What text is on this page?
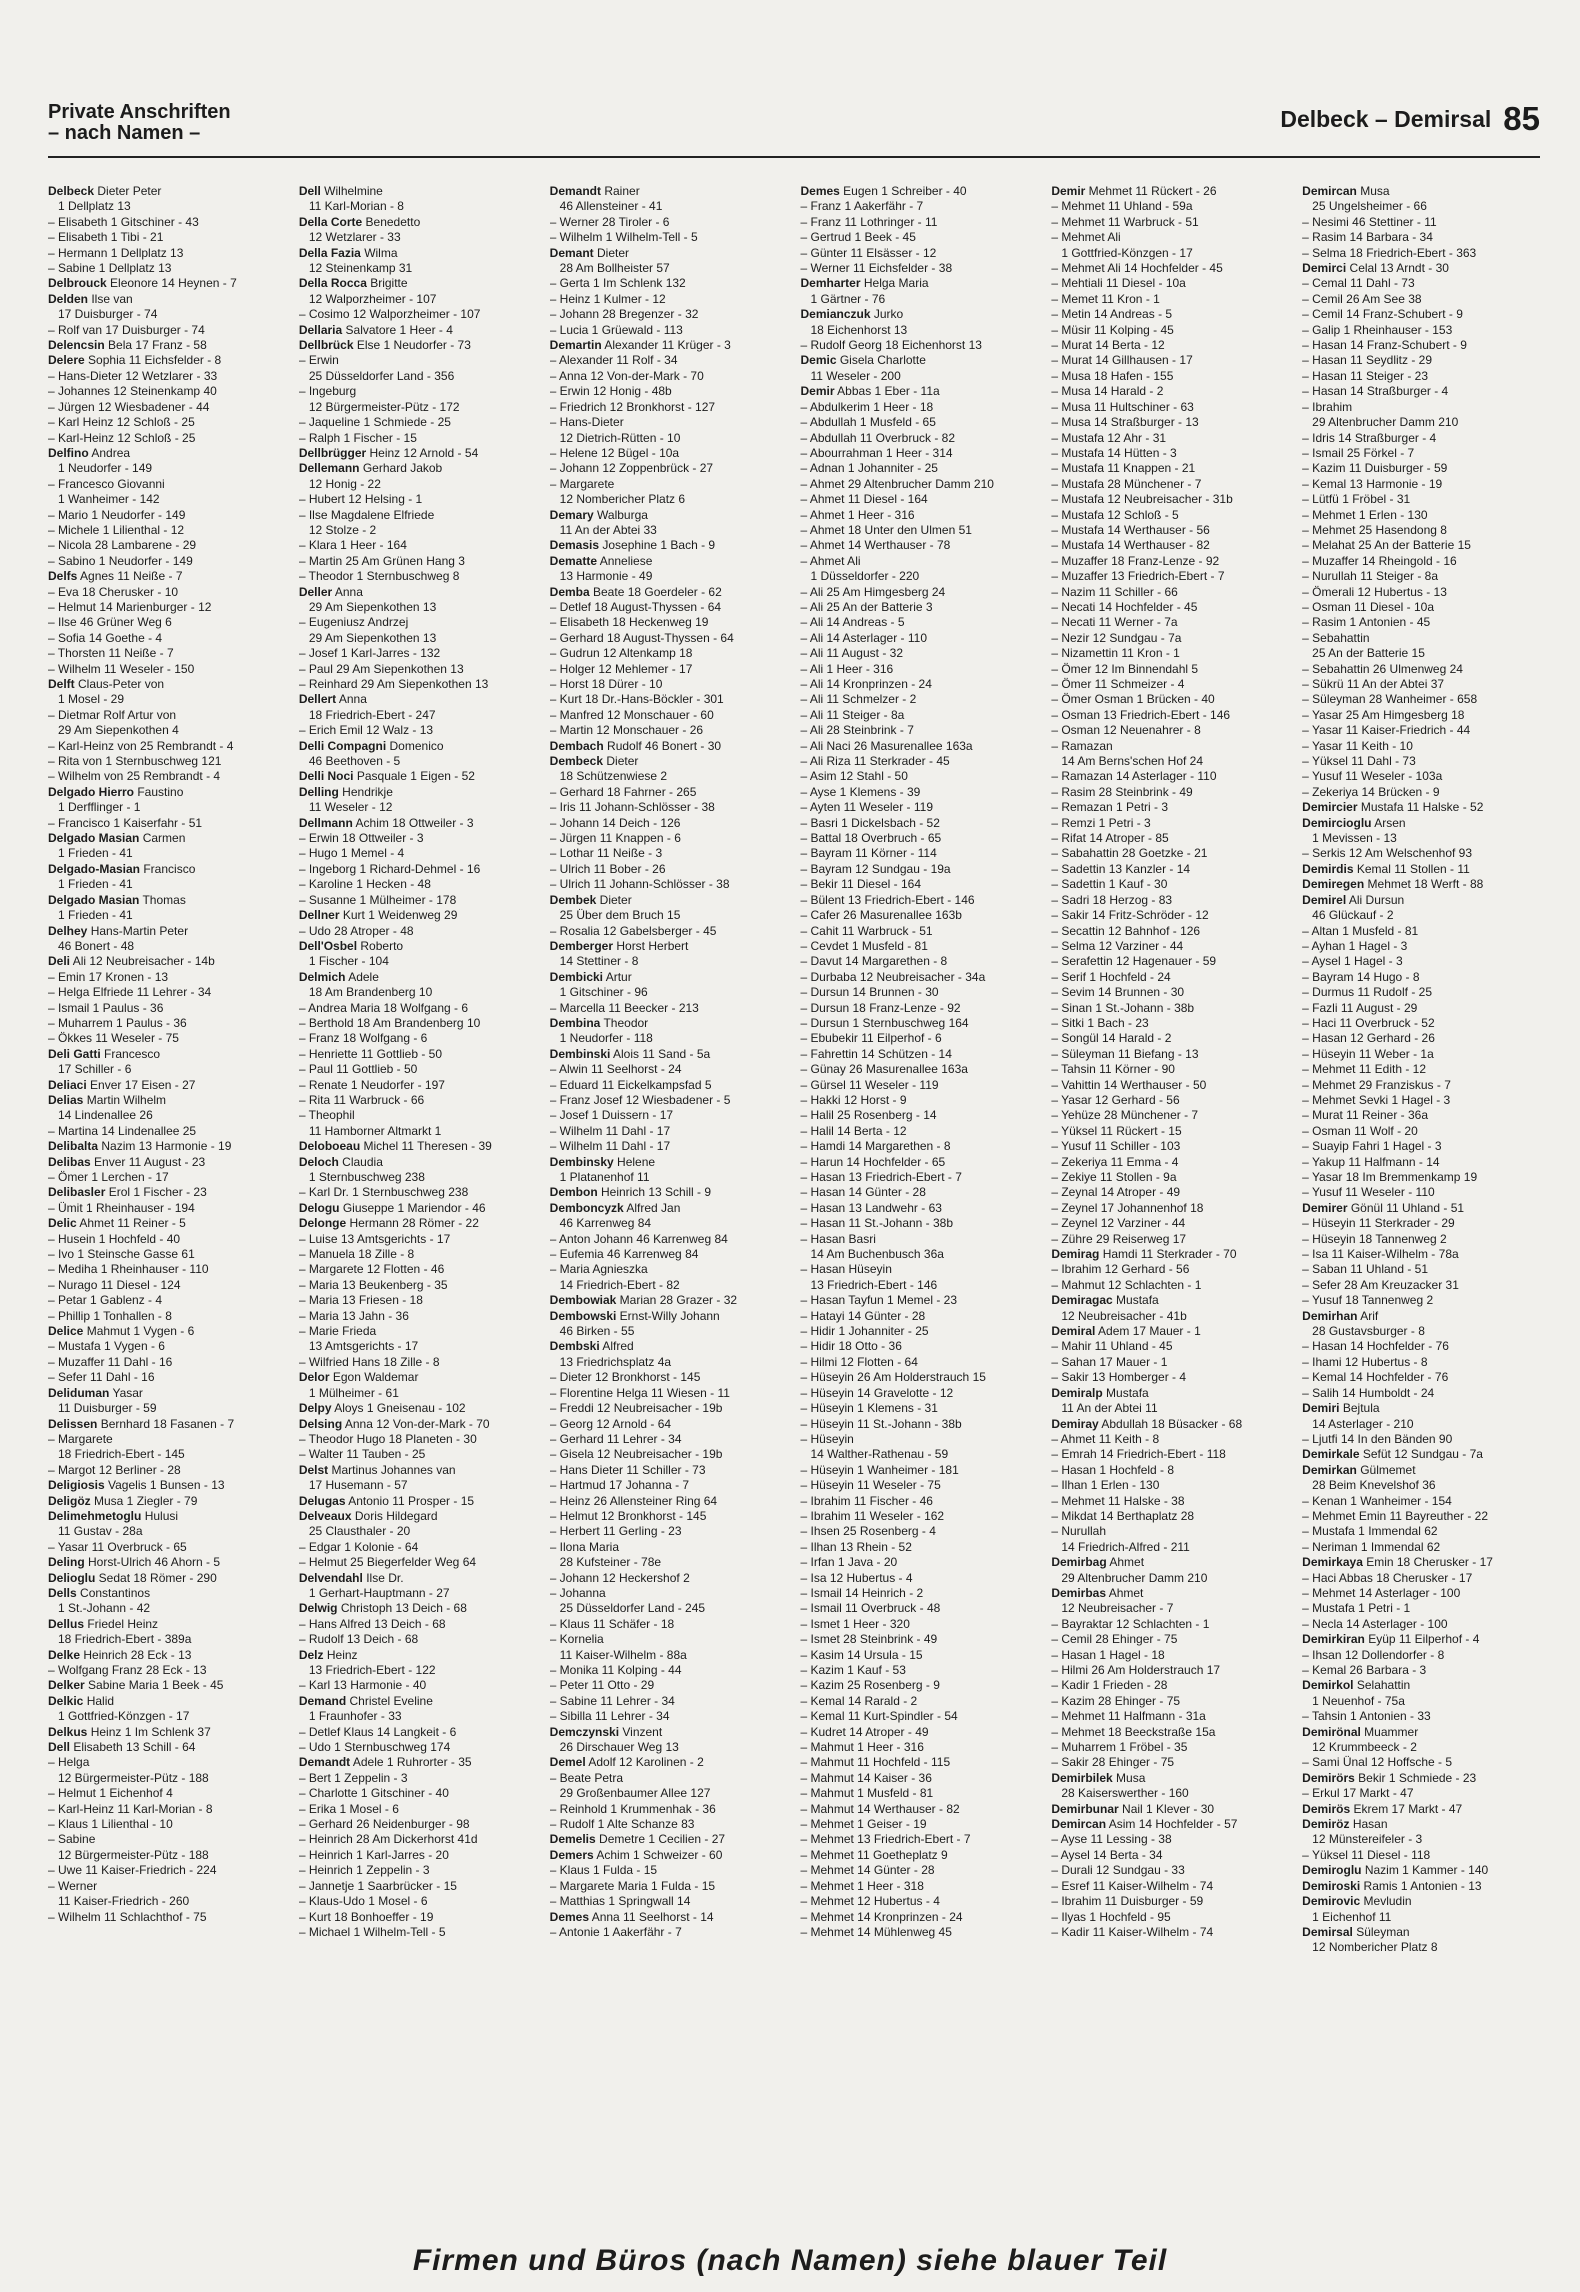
Private Anschriften
– nach Namen –
Delbeck – Demirsal 85
Delbeck Dieter Peter
1 Dellplatz 13
– Elisabeth 1 Gitschiner - 43
– Elisabeth 1 Tibi - 21
– Hermann 1 Dellplatz 13
– Sabine 1 Dellplatz 13
Delbrouck Eleonore 14 Heynen - 7
Delden Ilse van
17 Duisburger - 74
– Rolf van 17 Duisburger - 74
Delencsin Bela 17 Franz - 58
Delere Sophia 11 Eichsfelder - 8
– Hans-Dieter 12 Wetzlarer - 33
– Johannes 12 Steinenkamp 40
– Jürgen 12 Wiesbadener - 44
– Karl Heinz 12 Schloß - 25
– Karl-Heinz 12 Schloß - 25
Delfino Andrea
1 Neudorfer - 149
– Francesco Giovanni
1 Wanheimer - 142
– Mario 1 Neudorfer - 149
– Michele 1 Lilienthal - 12
– Nicola 28 Lambarene - 29
– Sabino 1 Neudorfer - 149
Delfs Agnes 11 Neiße - 7
– Eva 18 Cherusker - 10
– Helmut 14 Marienburger - 12
– Ilse 46 Grüner Weg 6
– Sofia 14 Goethe - 4
– Thorsten 11 Neiße - 7
– Wilhelm 11 Weseler - 150
Delft Claus-Peter von
1 Mosel - 29
– Dietmar Rolf Artur von
29 Am Siepenkothen 4
– Karl-Heinz von 25 Rembrandt - 4
– Rita von 1 Sternbuschweg 121
– Wilhelm von 25 Rembrandt - 4
Delgado Hierro Faustino
1 Derfflinger - 1
– Francisco 1 Kaiserfahr - 51
Delgado Masian Carmen
1 Frieden - 41
Delgado-Masian Francisco
1 Frieden - 41
Delgado Masian Thomas
1 Frieden - 41
Delhey Hans-Martin Peter
46 Bonert - 48
Deli Ali 12 Neubreisacher - 14b
– Emin 17 Kronen - 13
– Helga Elfriede 11 Lehrer - 34
– Ismail 1 Paulus - 36
– Muharrem 1 Paulus - 36
– Ökkes 11 Weseler - 75
Deli Gatti Francesco
17 Schiller - 6
Deliaci Enver 17 Eisen - 27
Delias Martin Wilhelm
14 Lindenallee 26
– Martina 14 Lindenallee 25
Delibalta Nazim 13 Harmonie - 19
Delibas Enver 11 August - 23
– Ömer 1 Lerchen - 17
Delibasler Erol 1 Fischer - 23
– Ümit 1 Rheinhauser - 194
Delic Ahmet 11 Reiner - 5
– Husein 1 Hochfeld - 40
– Ivo 1 Steinsche Gasse 61
– Mediha 1 Rheinhauser - 110
– Nurago 11 Diesel - 124
– Petar 1 Gablenz - 4
– Phillip 1 Tonhallen - 8
Delice Mahmut 1 Vygen - 6
– Mustafa 1 Vygen - 6
– Muzaffer 11 Dahl - 16
– Sefer 11 Dahl - 16
Deliduman Yasar
11 Duisburger - 59
Delissen Bernhard 18 Fasanen - 7
– Margarete
18 Friedrich-Ebert - 145
– Margot 12 Berliner - 28
Deligiosis Vagelis 1 Bunsen - 13
Deligöz Musa 1 Ziegler - 79
Delimehmetoglu Hulusi
11 Gustav - 28a
– Yasar 11 Overbruck - 65
Deling Horst-Ulrich 46 Ahorn - 5
Delioglu Sedat 18 Römer - 290
Dells Constantinos
1 St.-Johann - 42
Dellus Friedel Heinz
18 Friedrich-Ebert - 389a
Delke Heinrich 28 Eck - 13
– Wolfgang Franz 28 Eck - 13
Delker Sabine Maria 1 Beek - 45
Delkic Halid
1 Gottfried-Könzgen - 17
Delkus Heinz 1 Im Schlenk 37
Dell Elisabeth 13 Schill - 64
– Helga
12 Bürgermeister-Pütz - 188
– Helmut 1 Eichenhof 4
– Karl-Heinz 11 Karl-Morian - 8
– Klaus 1 Lilienthal - 10
– Sabine
12 Bürgermeister-Pütz - 188
– Uwe 11 Kaiser-Friedrich - 224
– Werner
11 Kaiser-Friedrich - 260
– Wilhelm 11 Schlachthof - 75
Dell Wilhelmine
11 Karl-Morian - 8
Della Corte Benedetto
12 Wetzlarer - 33
Della Fazia Wilma
12 Steinenkamp 31
Della Rocca Brigitte
12 Walporzheimer - 107
– Cosimo 12 Walporzheimer - 107
Dellaria Salvatore 1 Heer - 4
Dellbrück Else 1 Neudorfer - 73
– Erwin
25 Düsseldorfer Land - 356
– Ingeburg
12 Bürgermeister-Pütz - 172
– Jaqueline 1 Schmiede - 25
– Ralph 1 Fischer - 15
Dellbrügger Heinz 12 Arnold - 54
Dellemann Gerhard Jakob
12 Honig - 22
– Hubert 12 Helsing - 1
– Ilse Magdalene Elfriede
12 Stolze - 2
– Klara 1 Heer - 164
– Martin 25 Am Grünen Hang 3
– Theodor 1 Sternbuschweg 8
Deller Anna
29 Am Siepenkothen 13
– Eugeniusz Andrzej
29 Am Siepenkothen 13
– Josef 1 Karl-Jarres - 132
– Paul 29 Am Siepenkothen 13
– Reinhard 29 Am Siepenkothen 13
Dellert Anna
18 Friedrich-Ebert - 247
– Erich Emil 12 Walz - 13
Delli Compagni Domenico
46 Beethoven - 5
Delli Noci Pasquale 1 Eigen - 52
Delling Hendrikje
11 Weseler - 12
Dellmann Achim 18 Ottweiler - 3
– Erwin 18 Ottweiler - 3
– Hugo 1 Memel - 4
– Ingeborg 1 Richard-Dehmel - 16
– Karoline 1 Hecken - 48
– Susanne 1 Mülheimer - 178
Dellner Kurt 1 Weidenweg 29
– Udo 28 Atroper - 48
Dell'Osbel Roberto
1 Fischer - 104
Delmich Adele
18 Am Brandenberg 10
– Andrea Maria 18 Wolfgang - 6
– Berthold 18 Am Brandenberg 10
– Franz 18 Wolfgang - 6
– Henriette 11 Gottlieb - 50
– Paul 11 Gottlieb - 50
– Renate 1 Neudorfer - 197
– Rita 11 Warbruck - 66
– Theophil
11 Hamborner Altmarkt 1
Deloboeau Michel 11 Theresen - 39
Deloch Claudia
1 Sternbuschweg 238
– Karl Dr. 1 Sternbuschweg 238
Delogu Giuseppe 1 Mariendor - 46
Delonge Hermann 28 Römer - 22
– Luise 13 Amtsgerichts - 17
– Manuela 18 Zille - 8
– Margarete 12 Flotten - 46
– Maria 13 Beukenberg - 35
– Maria 13 Friesen - 18
– Maria 13 Jahn - 36
– Marie Frieda
13 Amtsgerichts - 17
– Wilfried Hans 18 Zille - 8
Delor Egon Waldemar
1 Mülheimer - 61
Delpy Aloys 1 Gneisenau - 102
Delsing Anna 12 Von-der-Mark - 70
– Theodor Hugo 18 Planeten - 30
– Walter 11 Tauben - 25
Delst Martinus Johannes van
17 Husemann - 57
Delugas Antonio 11 Prosper - 15
Delveaux Doris Hildegard
25 Clausthaler - 20
– Edgar 1 Kolonie - 64
– Helmut 25 Biegerfelder Weg 64
Delvendahl Ilse Dr.
1 Gerhart-Hauptmann - 27
Delwig Christoph 13 Deich - 68
– Hans Alfred 13 Deich - 68
– Rudolf 13 Deich - 68
Delz Heinz
13 Friedrich-Ebert - 122
– Karl 13 Harmonie - 40
Demand Christel Eveline
1 Fraunhofer - 33
– Detlef Klaus 14 Langkeit - 6
– Udo 1 Sternbuschweg 174
Demandt Adele 1 Ruhrorter - 35
– Bert 1 Zeppelin - 3
– Charlotte 1 Gitschiner - 40
– Erika 1 Mosel - 6
– Gerhard 26 Neidenburger - 98
– Heinrich 28 Am Dickerhorst 41d
– Heinrich 1 Karl-Jarres - 20
– Heinrich 1 Zeppelin - 3
– Jannetje 1 Saarbrücker - 15
– Klaus-Udo 1 Mosel - 6
– Kurt 18 Bonhoeffer - 19
– Michael 1 Wilhelm-Tell - 5
Demandt Rainer
46 Allensteiner - 41
– Werner 28 Tiroler - 6
– Wilhelm 1 Wilhelm-Tell - 5
Demant Dieter
28 Am Bollheister 57
– Gerta 1 Im Schlenk 132
– Heinz 1 Kulmer - 12
– Johann 28 Bregenzer - 32
– Lucia 1 Grüewald - 113
Demartin Alexander 11 Krüger - 3
– Alexander 11 Rolf - 34
– Anna 12 Von-der-Mark - 70
– Erwin 12 Honig - 48b
– Friedrich 12 Bronkhorst - 127
– Hans-Dieter
12 Dietrich-Rütten - 10
– Helene 12 Bügel - 10a
– Johann 12 Zoppenbrück - 27
– Margarete
12 Nombericher Platz 6
Demary Walburga
11 An der Abtei 33
Demasis Josephine 1 Bach - 9
Dematte Anneliese
13 Harmonie - 49
Demba Beate 18 Goerdeler - 62
– Detlef 18 August-Thyssen - 64
– Elisabeth 18 Heckenweg 19
– Gerhard 18 August-Thyssen - 64
– Gudrun 12 Altenkamp 18
– Holger 12 Mehlemer - 17
– Horst 18 Dürer - 10
– Kurt 18 Dr.-Hans-Böckler - 301
– Manfred 12 Monschauer - 60
– Martin 12 Monschauer - 26
Dembach Rudolf 46 Bonert - 30
Dembeck Dieter
18 Schützenwiese 2
– Gerhard 18 Fahrner - 265
– Iris 11 Johann-Schlösser - 38
– Johann 14 Deich - 126
– Jürgen 11 Knappen - 6
– Lothar 11 Neiße - 3
– Ulrich 11 Bober - 26
– Ulrich 11 Johann-Schlösser - 38
Dembek Dieter
25 Über dem Bruch 15
– Rosalia 12 Gabelsberger - 45
Demberger Horst Herbert
14 Stettiner - 8
Dembicki Artur
1 Gitschiner - 96
– Marcella 11 Beecker - 213
Dembina Theodor
1 Neudorfer - 118
Dembinski Alois 11 Sand - 5a
– Alwin 11 Seelhorst - 24
– Eduard 11 Eickelkampsfad 5
– Franz Josef 12 Wiesbadener - 5
– Josef 1 Duissern - 17
– Wilhelm 11 Dahl - 17
– Wilhelm 11 Dahl - 17
Dembinsky Helene
1 Platanenhof 11
Dembon Heinrich 13 Schill - 9
Demboncyzk Alfred Jan
46 Karrenweg 84
– Anton Johann 46 Karrenweg 84
– Eufemia 46 Karrenweg 84
– Maria Agnieszka
14 Friedrich-Ebert - 82
Dembowiak Marian 28 Grazer - 32
Dembowski Ernst-Willy Johann
46 Birken - 55
Dembski Alfred
13 Friedrichsplatz 4a
– Dieter 12 Bronkhorst - 145
– Florentine Helga 11 Wiesen - 11
– Freddi 12 Neubreisacher - 19b
– Georg 12 Arnold - 64
– Gerhard 11 Lehrer - 34
– Gisela 12 Neubreisacher - 19b
– Hans Dieter 11 Schiller - 73
– Hartmud 17 Johanna - 7
– Heinz 26 Allensteiner Ring 64
– Helmut 12 Bronkhorst - 145
– Herbert 11 Gerling - 23
– Ilona Maria
28 Kufsteiner - 78e
– Johann 12 Heckershof 2
– Johanna
25 Düsseldorfer Land - 245
– Klaus 11 Schäfer - 18
– Kornelia
11 Kaiser-Wilhelm - 88a
– Monika 11 Kolping - 44
– Peter 11 Otto - 29
– Sabine 11 Lehrer - 34
– Sibilla 11 Lehrer - 34
Demczynski Vinzent
26 Dirschauer Weg 13
Demel Adolf 12 Karolinen - 2
– Beate Petra
29 Großenbaumer Allee 127
– Reinhold 1 Krummenhak - 36
– Rudolf 1 Alte Schanze 83
Demelis Demetre 1 Cecilien - 27
Demers Achim 1 Schweizer - 60
– Klaus 1 Fulda - 15
– Margarete Maria 1 Fulda - 15
– Matthias 1 Springwall 14
Demes Anna 11 Seelhorst - 14
– Antonie 1 Aakerfähr - 7
Demes Eugen 1 Schreiber - 40
– Franz 1 Aakerfähr - 7
– Franz 11 Lothringer - 11
– Gertrud 1 Beek - 45
– Günter 11 Elsässer - 12
– Werner 11 Eichsfelder - 38
Demharter Helga Maria
1 Gärtner - 76
Demianczuk Jurko
18 Eichenhorst 13
– Rudolf Georg 18 Eichenhorst 13
Demic Gisela Charlotte
11 Weseler - 200
Demir Abbas 1 Eber - 11a
– Abdulkerim 1 Heer - 18
– Abdullah 1 Musfeld - 65
– Abdullah 11 Overbruck - 82
– Abourrahman 1 Heer - 314
– Adnan 1 Johanniter - 25
– Ahmet 29 Altenbrucher Damm 210
– Ahmet 11 Diesel - 164
– Ahmet 1 Heer - 316
– Ahmet 18 Unter den Ulmen 51
– Ahmet 14 Werthauser - 78
– Ahmet Ali
1 Düsseldorfer - 220
– Ali 25 Am Himgesberg 24
– Ali 25 An der Batterie 3
– Ali 14 Andreas - 5
– Ali 14 Asterlager - 110
– Ali 11 August - 32
– Ali 1 Heer - 316
– Ali 14 Kronprinzen - 24
– Ali 11 Schmelzer - 2
– Ali 11 Steiger - 8a
– Ali 28 Steinbrink - 7
– Ali Naci 26 Masurenallee 163a
– Ali Riza 11 Sterkrader - 45
– Asim 12 Stahl - 50
– Ayse 1 Klemens - 39
– Ayten 11 Weseler - 119
– Basri 1 Dickelsbach - 52
– Battal 18 Overbruch - 65
– Bayram 11 Körner - 114
– Bayram 12 Sundgau - 19a
– Bekir 11 Diesel - 164
– Bülent 13 Friedrich-Ebert - 146
– Cafer 26 Masurenallee 163b
– Cahit 11 Warbruck - 51
– Cevdet 1 Musfeld - 81
– Davut 14 Margarethen - 8
– Durbaba 12 Neubreisacher - 34a
– Dursun 14 Brunnen - 30
– Dursun 18 Franz-Lenze - 92
– Dursun 1 Sternbuschweg 164
– Ebubekir 11 Eilperhof - 6
– Fahrettin 14 Schützen - 14
– Günay 26 Masurenallee 163a
– Gürsel 11 Weseler - 119
– Hakki 12 Horst - 9
– Halil 25 Rosenberg - 14
– Halil 14 Berta - 12
– Hamdi 14 Margarethen - 8
– Harun 14 Hochfelder - 65
– Hasan 13 Friedrich-Ebert - 7
– Hasan 14 Günter - 28
– Hasan 13 Landwehr - 63
– Hasan 11 St.-Johann - 38b
– Hasan Basri
14 Am Buchenbusch 36a
– Hasan Hüseyin
13 Friedrich-Ebert - 146
– Hasan Tayfun 1 Memel - 23
– Hatayi 14 Günter - 28
– Hidir 1 Johanniter - 25
– Hidir 18 Otto - 36
– Hilmi 12 Flotten - 64
– Hüseyin 26 Am Holderstrauch 15
– Hüseyin 14 Gravelotte - 12
– Hüseyin 1 Klemens - 31
– Hüseyin 11 St.-Johann - 38b
– Hüseyin
14 Walther-Rathenau - 59
– Hüseyin 1 Wanheimer - 181
– Hüseyin 11 Weseler - 75
– Ibrahim 11 Fischer - 46
– Ibrahim 11 Weseler - 162
– Ihsen 25 Rosenberg - 4
– Ilhan 13 Rhein - 52
– Irfan 1 Java - 20
– Isa 12 Hubertus - 4
– Ismail 14 Heinrich - 2
– Ismail 11 Overbruck - 48
– Ismet 1 Heer - 320
– Ismet 28 Steinbrink - 49
– Kasim 14 Ursula - 15
– Kazim 1 Kauf - 53
– Kazim 25 Rosenberg - 9
– Kemal 14 Rarald - 2
– Kemal 11 Kurt-Spindler - 54
– Kudret 14 Atroper - 49
– Mahmut 1 Heer - 316
– Mahmut 11 Hochfeld - 115
– Mahmut 14 Kaiser - 36
– Mahmut 1 Musfeld - 81
– Mahmut 14 Werthauser - 82
– Mehmet 1 Geiser - 19
– Mehmet 13 Friedrich-Ebert - 7
– Mehmet 11 Goetheplatz 9
– Mehmet 14 Günter - 28
– Mehmet 1 Heer - 318
– Mehmet 12 Hubertus - 4
– Mehmet 14 Kronprinzen - 24
– Mehmet 14 Mühlenweg 45
Demir Mehmet 11 Rückert - 26
– Mehmet 11 Uhland - 59a
– Mehmet 11 Warbruck - 51
– Mehmet Ali
1 Gottfried-Könzgen - 17
– Mehmet Ali 14 Hochfelder - 45
– Mehtiali 11 Diesel - 10a
– Memet 11 Kron - 1
– Metin 14 Andreas - 5
– Müsir 11 Kolping - 45
– Murat 14 Berta - 12
– Murat 14 Gillhausen - 17
– Musa 18 Hafen - 155
– Musa 14 Harald - 2
– Musa 11 Hultschiner - 63
– Musa 14 Straßburger - 13
– Mustafa 12 Ahr - 31
– Mustafa 14 Hütten - 3
– Mustafa 11 Knappen - 21
– Mustafa 28 Münchener - 7
– Mustafa 12 Neubreisacher - 31b
– Mustafa 12 Schloß - 5
– Mustafa 14 Werthauser - 56
– Mustafa 14 Werthauser - 82
– Muzaffer 18 Franz-Lenze - 92
– Muzaffer 13 Friedrich-Ebert - 7
– Nazim 11 Schiller - 66
– Necati 14 Hochfelder - 45
– Necati 11 Werner - 7a
– Nezir 12 Sundgau - 7a
– Nizamettin 11 Kron - 1
– Ömer 12 Im Binnendahl 5
– Ömer 11 Schmeizer - 4
– Ömer Osman 1 Brücken - 40
– Osman 13 Friedrich-Ebert - 146
– Osman 12 Neuenahrer - 8
– Ramazan
14 Am Berns'schen Hof 24
– Ramazan 14 Asterlager - 110
– Rasim 28 Steinbrink - 49
– Remazan 1 Petri - 3
– Remzi 1 Petri - 3
– Rifat 14 Atroper - 85
– Sabahattin 28 Goetzke - 21
– Sadettin 13 Kanzler - 14
– Sadettin 1 Kauf - 30
– Sadri 18 Herzog - 83
– Sakir 14 Fritz-Schröder - 12
– Secattin 12 Bahnhof - 126
– Selma 12 Varziner - 44
– Serafettin 12 Hagenauer - 59
– Serif 1 Hochfeld - 24
– Sevim 14 Brunnen - 30
– Sinan 1 St.-Johann - 38b
– Sitki 1 Bach - 23
– Songül 14 Harald - 2
– Süleyman 11 Biefang - 13
– Tahsin 11 Körner - 90
– Vahittin 14 Werthauser - 50
– Yasar 12 Gerhard - 56
– Yehüze 28 Münchener - 7
– Yüksel 11 Rückert - 15
– Yusuf 11 Schiller - 103
– Zekeriya 11 Emma - 4
– Zekiye 11 Stollen - 9a
– Zeynal 14 Atroper - 49
– Zeynel 17 Johannenhof 18
– Zeynel 12 Varziner - 44
– Zühre 29 Reiserweg 17
Demirag Hamdi 11 Sterkrader - 70
– Ibrahim 12 Gerhard - 56
– Mahmut 12 Schlachten - 1
Demiragac Mustafa
12 Neubreisacher - 41b
Demiral Adem 17 Mauer - 1
– Mahir 11 Uhland - 45
– Sahan 17 Mauer - 1
– Sakir 13 Homberger - 4
Demiralp Mustafa
11 An der Abtei 11
Demiray Abdullah 18 Büsacker - 68
– Ahmet 11 Keith - 8
– Emrah 14 Friedrich-Ebert - 118
– Hasan 1 Hochfeld - 8
– Ilhan 1 Erlen - 130
– Mehmet 11 Halske - 38
– Mikdat 14 Berthaplatz 28
– Nurullah
14 Friedrich-Alfred - 211
Demirbag Ahmet
29 Altenbrucher Damm 210
Demirbas Ahmet
12 Neubreisacher - 7
– Bayraktar 12 Schlachten - 1
– Cemil 28 Ehinger - 75
– Hasan 1 Hagel - 18
– Hilmi 26 Am Holderstrauch 17
– Kadir 1 Frieden - 28
– Kazim 28 Ehinger - 75
– Mehmet 11 Halfmann - 31a
– Mehmet 18 Beeckstraße 15a
– Muharrem 1 Fröbel - 35
– Sakir 28 Ehinger - 75
Demirbilek Musa
28 Kaiserswerther - 160
Demirbunar Nail 1 Klever - 30
Demircan Asim 14 Hochfelder - 57
– Ayse 11 Lessing - 38
– Aysel 14 Berta - 34
– Durali 12 Sundgau - 33
– Esref 11 Kaiser-Wilhelm - 74
– Ibrahim 11 Duisburger - 59
– Ilyas 1 Hochfeld - 95
– Kadir 11 Kaiser-Wilhelm - 74
Demircan Musa
25 Ungelsheimer - 66
– Nesimi 46 Stettiner - 11
– Rasim 14 Barbara - 34
– Selma 18 Friedrich-Ebert - 363
Demirci Celal 13 Arndt - 30
– Cemal 11 Dahl - 73
– Cemil 26 Am See 38
– Cemil 14 Franz-Schubert - 9
– Galip 1 Rheinhauser - 153
– Hasan 14 Franz-Schubert - 9
– Hasan 11 Seydlitz - 29
– Hasan 11 Steiger - 23
– Hasan 14 Straßburger - 4
– Ibrahim
29 Altenbrucher Damm 210
– Idris 14 Straßburger - 4
– Ismail 25 Förkel - 7
– Kazim 11 Duisburger - 59
– Kemal 13 Harmonie - 19
– Lütfü 1 Fröbel - 31
– Mehmet 1 Erlen - 130
– Mehmet 25 Hasendong 8
– Melahat 25 An der Batterie 15
– Muzaffer 14 Rheingold - 16
– Nurullah 11 Steiger - 8a
– Ömerali 12 Hubertus - 13
– Osman 11 Diesel - 10a
– Rasim 1 Antonien - 45
– Sebahattin
25 An der Batterie 15
– Sebahattin 26 Ulmenweg 24
– Sükrü 11 An der Abtei 37
– Süleyman 28 Wanheimer - 658
– Yasar 25 Am Himgesberg 18
– Yasar 11 Kaiser-Friedrich - 44
– Yasar 11 Keith - 10
– Yüksel 11 Dahl - 73
– Yusuf 11 Weseler - 103a
– Zekeriya 14 Brücken - 9
Demircier Mustafa 11 Halske - 52
Demircioglu Arsen
1 Mevissen - 13
– Serkis 12 Am Welschenhof 93
Demirdis Kemal 11 Stollen - 11
Demiregen Mehmet 18 Werft - 88
Demirel Ali Dursun
46 Glückauf - 2
– Altan 1 Musfeld - 81
– Ayhan 1 Hagel - 3
– Aysel 1 Hagel - 3
– Bayram 14 Hugo - 8
– Durmus 11 Rudolf - 25
– Fazli 11 August - 29
– Haci 11 Overbruck - 52
– Hasan 12 Gerhard - 26
– Hüseyin 11 Weber - 1a
– Mehmet 11 Edith - 12
– Mehmet 29 Franziskus - 7
– Mehmet Sevki 1 Hagel - 3
– Murat 11 Reiner - 36a
– Osman 11 Wolf - 20
– Suayip Fahri 1 Hagel - 3
– Yakup 11 Halfmann - 14
– Yasar 18 Im Bremmenkamp 19
– Yusuf 11 Weseler - 110
Demirer Gönül 11 Uhland - 51
– Hüseyin 11 Sterkrader - 29
– Hüseyin 18 Tannenweg 2
– Isa 11 Kaiser-Wilhelm - 78a
– Saban 11 Uhland - 51
– Sefer 28 Am Kreuzacker 31
– Yusuf 18 Tannenweg 2
Demirhan Arif
28 Gustavsburger - 8
– Hasan 14 Hochfelder - 76
– Ihami 12 Hubertus - 8
– Kemal 14 Hochfelder - 76
– Salih 14 Humboldt - 24
Demiri Bejtula
14 Asterlager - 210
– Ljutfi 14 In den Bänden 90
Demirkale Sefüt 12 Sundgau - 7a
Demirkan Gülmemet
28 Beim Knevelshof 36
– Kenan 1 Wanheimer - 154
– Mehmet Emin 11 Bayreuther - 22
– Mustafa 1 Immendal 62
– Neriman 1 Immendal 62
Demirkaya Emin 18 Cherusker - 17
– Haci Abbas 18 Cherusker - 17
– Mehmet 14 Asterlager - 100
– Mustafa 1 Petri - 1
– Necla 14 Asterlager - 100
Demirkiran Eyüp 11 Eilperhof - 4
– Ihsan 12 Dollendorfer - 8
– Kemal 26 Barbara - 3
Demirkol Selahattin
1 Neuenhof - 75a
– Tahsin 1 Antonien - 33
Demirönal Muammer
12 Krummbeeck - 2
– Sami Ünal 12 Hoffsche - 5
Demirörs Bekir 1 Schmiede - 23
– Erkul 17 Markt - 47
Demirös Ekrem 17 Markt - 47
Demiröz Hasan
12 Münstereifeler - 3
– Yüksel 11 Diesel - 118
Demiroglu Nazim 1 Kammer - 140
Demiroski Ramis 1 Antonien - 13
Demirovic Mevludin
1 Eichenhof 11
Demirsal Süleyman
12 Nombericher Platz 8
Firmen und Büros (nach Namen) siehe blauer Teil
